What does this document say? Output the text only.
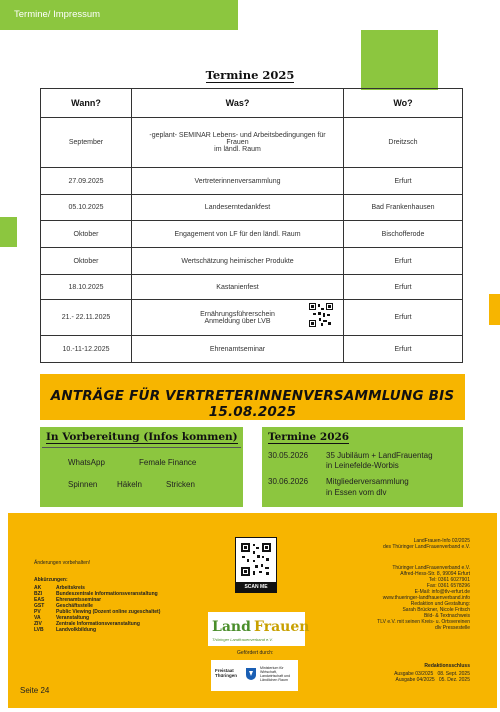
Termine/ Impressum
Termine 2025
Wann?	Was?	Wo?
September	-geplant- SEMINAR Lebens- und Arbeitsbedingungen für
Frauen
im ländl. Raum	Dreitzsch
27.09.2025	Vertreterinnenversammlung	Erfurt
05.10.2025	Landeserntedankfest	Bad Frankenhausen
Oktober	Engagement von LF für den ländl. Raum	Bischofferode
Oktober	Wertschätzung heimischer Produkte	Erfurt
18.10.2025	Kastanienfest	Erfurt
21.- 22.11.2025	Ernährungsführerschein
Anmeldung über LVB	Erfurt
10.-11-12.2025	Ehrenamtseminar	Erfurt
ANTRÄGE FÜR VERTRETERINNENVERSAMMLUNG BIS 15.08.2025
In Vorbereitung (Infos kommen)
WhatsApp	Female Finance
Spinnen Häkeln	Stricken
Termine 2026
30.05.2026 35 Jubiläum + LandFrauentag
in Leinefelde-Worbis
30.06.2026 Mitgliederversammlung
in Essen vom dlv
Änderungen vorbehalten!
Abkürzungen:
AK	Arbeitskreis
BZI	Bundeszentrale Informationsveranstaltung
EAS Ehrenamtsseminar
GST Geschäftsstelle
PV	Public Viewing (Dozent online zugeschaltet)
VA	Veranstaltung
ZIV	Zentrale Informationsveranstaltung
LVB Landvolkbildung
SCAN ME
Land Frauen
Thüringer Landfrauenverband e.V.
Gefördert durch:
Freistaat Thüringen
Ministerium für Wirtschaft, Landwirtschaft und Ländlichen Raum
LandFrauen-Info 02/2025
des Thüringer LandFrauenverband e.V.
Thüringer LandFrauenverband e.V.
Alfred-Hess-Str. 8, 99094 Erfurt
Tel: 0361 6027901
Fax: 0361 6578296
E-Mail: info@tlv-erfurt.de
www.thueringer-landfrauenverband.info
Redaktion und Gestaltung:
Sarah Brückner, Nicole Fritsch
Bild- & Textnachweis
TLV e.V. mit seinen Kreis- u. Ortsvereinen
dlv Pressestelle
Redaktionsschluss
Ausgabe 03/2025 08. Sept. 2025
Ausgabe 04/2025 05. Dez. 2025
Seite 24
